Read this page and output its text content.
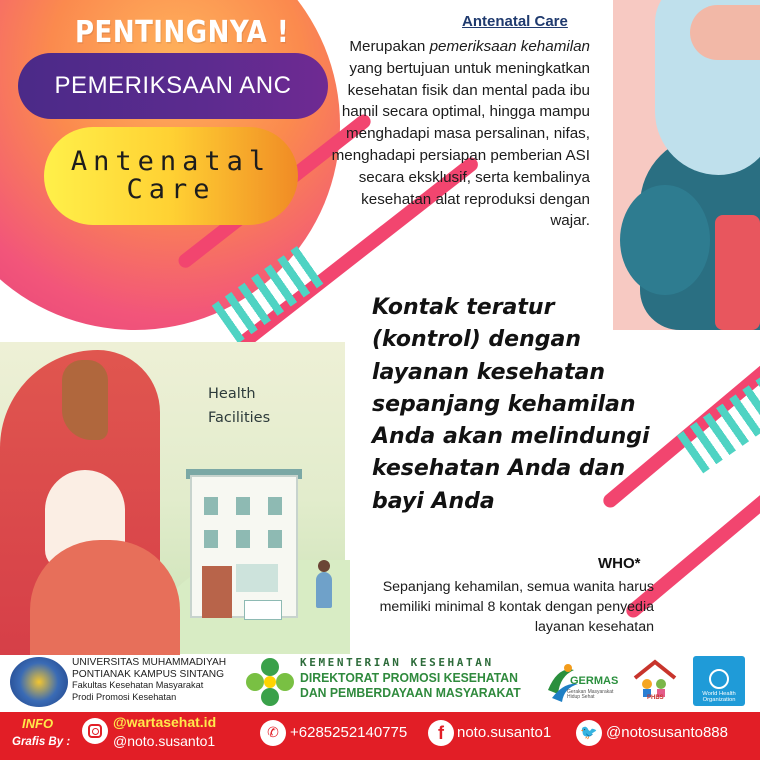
PENTINGNYA !
PEMERIKSAAN ANC
Antenatal
Care
Antenatal Care
Merupakan pemeriksaan kehamilan yang bertujuan untuk meningkatkan kesehatan fisik dan mental pada ibu hamil secara optimal, hingga mampu menghadapi masa persalinan, nifas, menghadapi persiapan pemberian ASI secara eksklusif, serta kembalinya kesehatan alat reproduksi dengan wajar.
Kontak teratur (kontrol) dengan layanan kesehatan sepanjang kehamilan Anda akan melindungi kesehatan Anda dan bayi Anda
Health
Facilities
WHO*
Sepanjang kehamilan, semua wanita harus memiliki minimal 8 kontak dengan penyedia layanan kesehatan
UNIVERSITAS MUHAMMADIYAH
PONTIANAK KAMPUS SINTANG
Fakultas Kesehatan Masyarakat
Prodi Promosi Kesehatan
KEMENTERIAN KESEHATAN
DIREKTORAT PROMOSI KESEHATAN
DAN PEMBERDAYAAN MASYARAKAT
GERMAS
Gerakan Masyarakat Hidup Sehat	PHBS
World Health
Organization
INFO
Grafis By :
@wartasehat.id
@noto.susanto1	✆ +6285252140775	f noto.susanto1	🐦 @notosusanto888
